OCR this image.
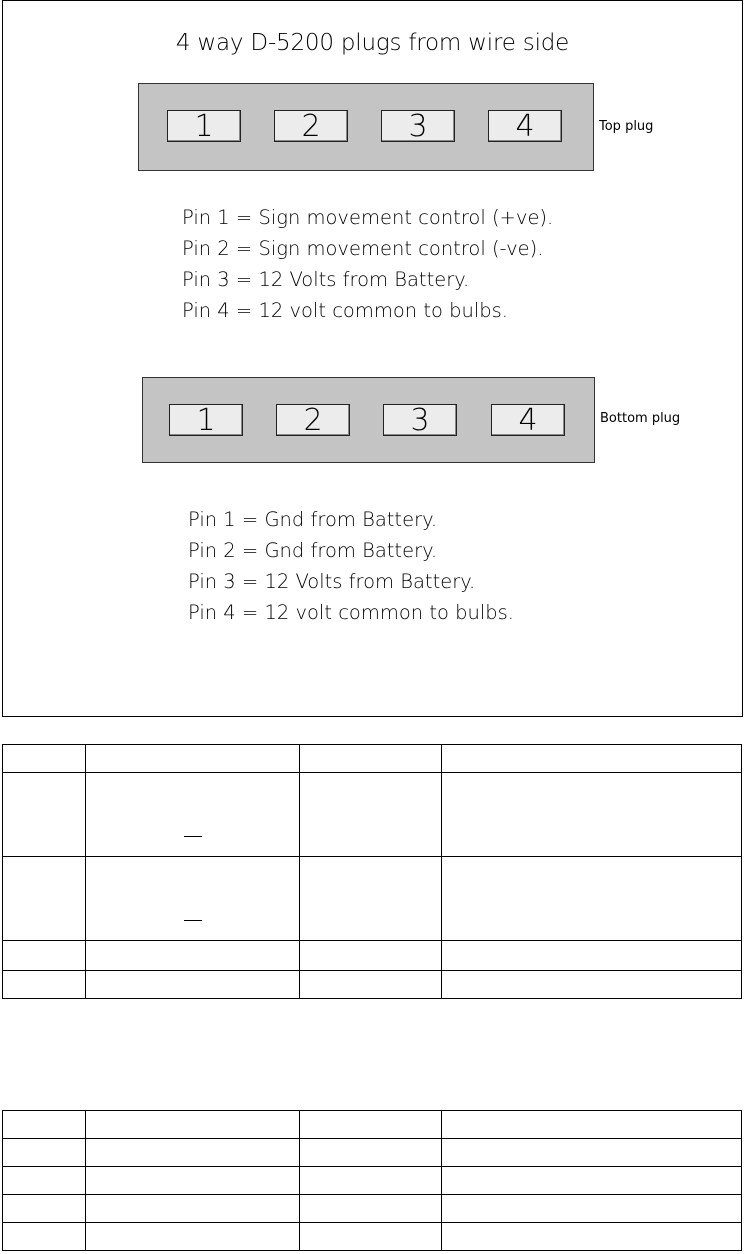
4 way D-5200 plugs from wire side
1	2	3	4	Top plug
Pin 1 = Sign movement control (+ve).
Pin 2 = Sign movement control (-ve).
Pin 3 = 12 Volts from Battery.
Pin 4 = 12 volt common to bulbs.
1	2	3	4	Bottom plug
Pin 1 = Gnd from Battery.
Pin 2 = Gnd from Battery.
Pin 3 = 12 Volts from Battery.
Pin 4 = 12 volt common to bulbs.
